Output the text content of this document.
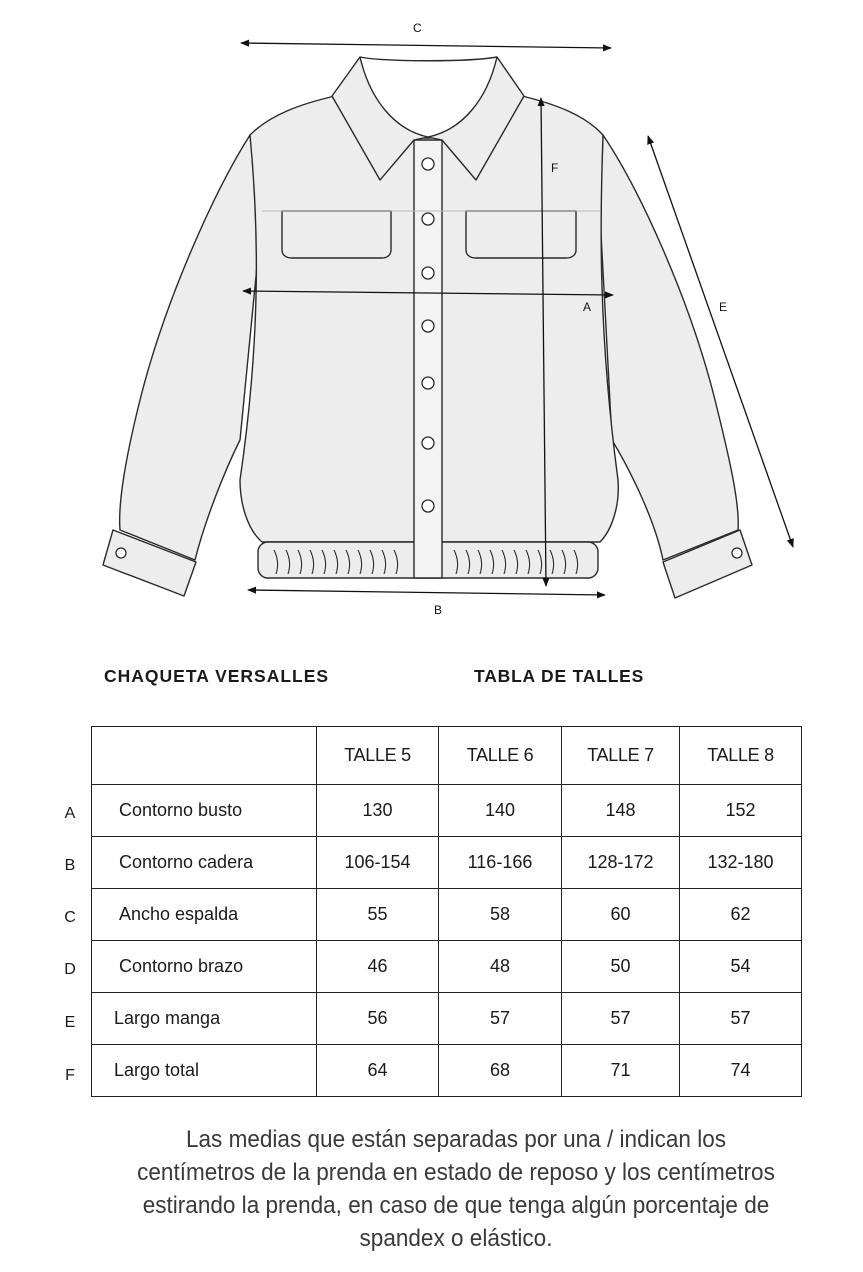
C
A
B
F
E
CHAQUETA VERSALLES	TABLA DE TALLES
	TALLE 5	TALLE 6	TALLE 7	TALLE 8
Contorno busto	130	140	148	152
Contorno cadera	106-154	116-166	128-172	132-180
Ancho espalda	55	58	60	62
Contorno brazo	46	48	50	54
Largo manga	56	57	57	57
Largo total	64	68	71	74
A
B
C
D
E
F

Las medias que están separadas por una / indican los centímetros de la prenda en estado de reposo y los centímetros estirando la prenda, en caso de que tenga algún porcentaje de spandex o elástico.
